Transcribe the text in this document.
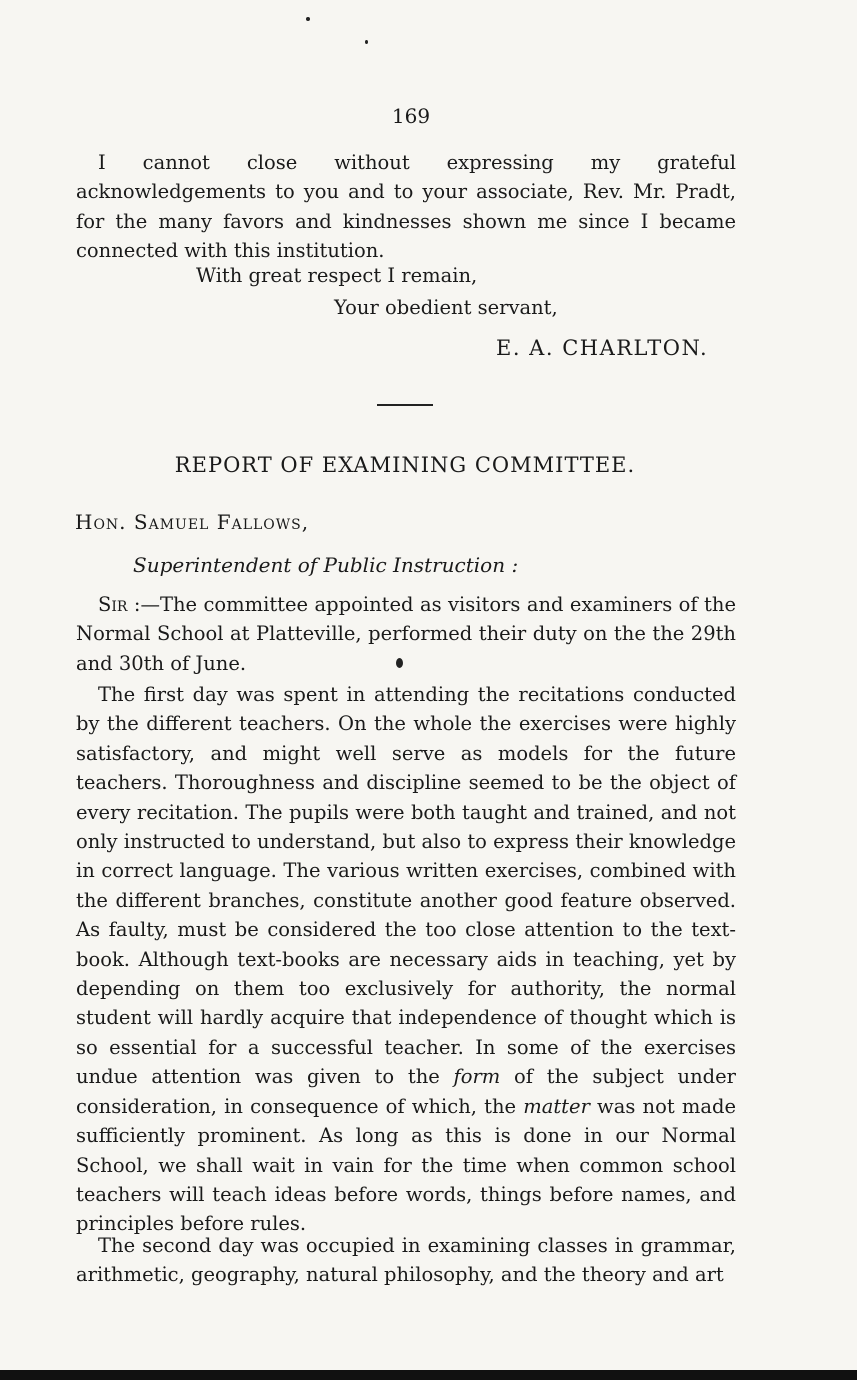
169

I cannot close without expressing my grateful acknowledgements to you and to your associate, Rev. Mr. Pradt, for the many favors and kindnesses shown me since I became connected with this institution.

With great respect I remain,
Your obedient servant,
E. A. CHARLTON.
REPORT OF EXAMINING COMMITTEE.
Hon. Samuel Fallows,
Superintendent of Public Instruction :

Sir :—The committee appointed as visitors and examiners of the Normal School at Platteville, performed their duty on the the 29th and 30th of June.

The first day was spent in attending the recitations conducted by the different teachers. On the whole the exercises were highly satisfactory, and might well serve as models for the future teachers. Thoroughness and discipline seemed to be the object of every recitation. The pupils were both taught and trained, and not only instructed to understand, but also to express their knowledge in correct language. The various written exercises, combined with the different branches, constitute another good feature observed. As faulty, must be considered the too close attention to the text-book. Although text-books are necessary aids in teaching, yet by depending on them too exclusively for authority, the normal student will hardly acquire that independence of thought which is so essential for a successful teacher. In some of the exercises undue attention was given to the form of the subject under consideration, in consequence of which, the matter was not made sufficiently prominent. As long as this is done in our Normal School, we shall wait in vain for the time when common school teachers will teach ideas before words, things before names, and principles before rules.

The second day was occupied in examining classes in grammar, arithmetic, geography, natural philosophy, and the theory and art
